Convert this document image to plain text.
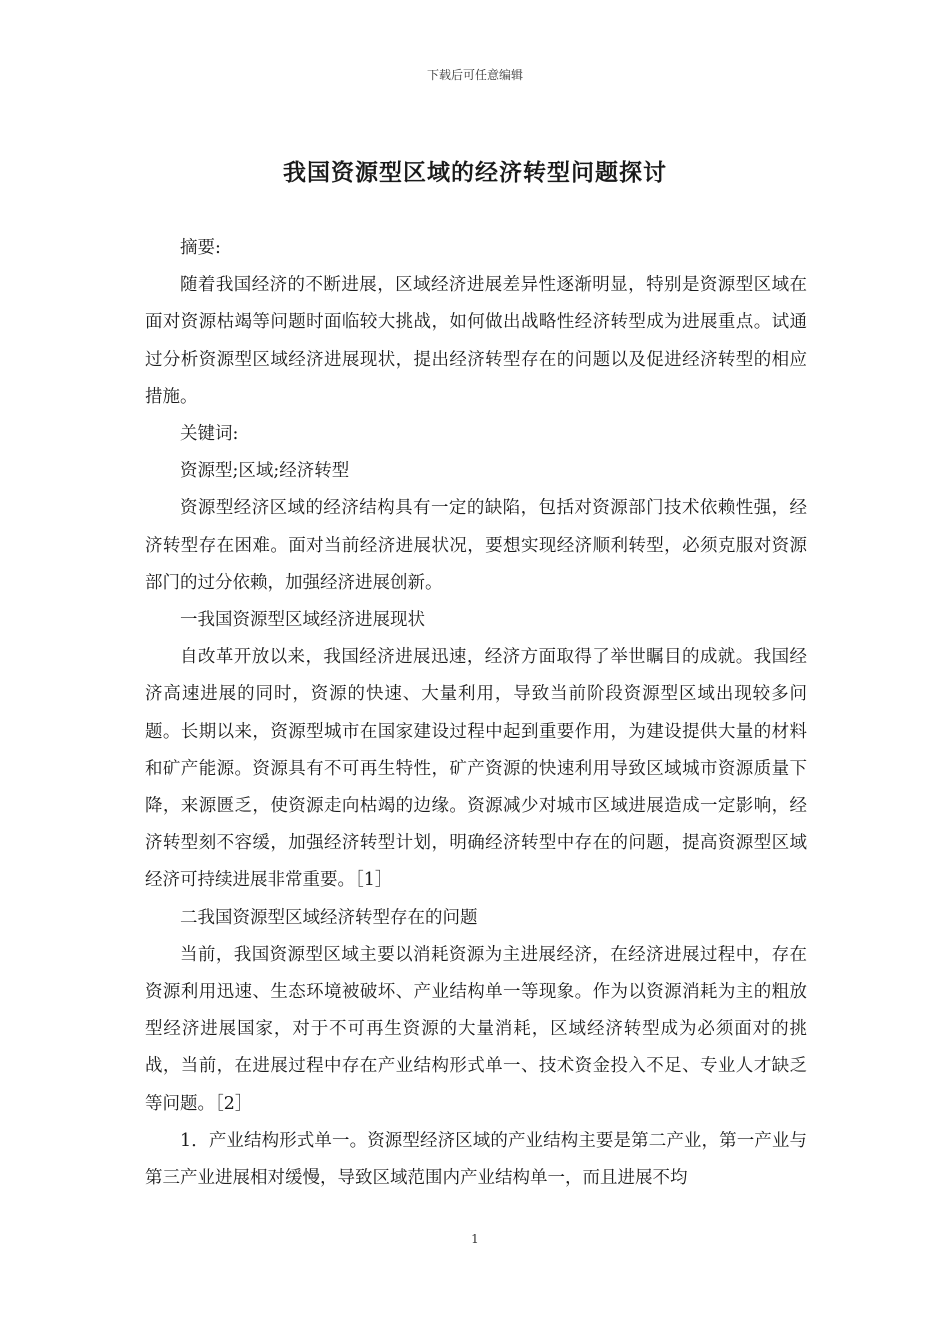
下载后可任意编辑
我国资源型区域的经济转型问题探讨

摘要:

随着我国经济的不断进展，区域经济进展差异性逐渐明显，特别是资源型区域在面对资源枯竭等问题时面临较大挑战，如何做出战略性经济转型成为进展重点。试通过分析资源型区域经济进展现状，提出经济转型存在的问题以及促进经济转型的相应措施。

关键词:

资源型;区域;经济转型

资源型经济区域的经济结构具有一定的缺陷，包括对资源部门技术依赖性强，经济转型存在困难。面对当前经济进展状况，要想实现经济顺利转型，必须克服对资源部门的过分依赖，加强经济进展创新。

一我国资源型区域经济进展现状

自改革开放以来，我国经济进展迅速，经济方面取得了举世瞩目的成就。我国经济高速进展的同时，资源的快速、大量利用，导致当前阶段资源型区域出现较多问题。长期以来，资源型城市在国家建设过程中起到重要作用，为建设提供大量的材料和矿产能源。资源具有不可再生特性，矿产资源的快速利用导致区域城市资源质量下降，来源匮乏，使资源走向枯竭的边缘。资源减少对城市区域进展造成一定影响，经济转型刻不容缓，加强经济转型计划，明确经济转型中存在的问题，提高资源型区域经济可持续进展非常重要。［1］

二我国资源型区域经济转型存在的问题

当前，我国资源型区域主要以消耗资源为主进展经济，在经济进展过程中，存在资源利用迅速、生态环境被破坏、产业结构单一等现象。作为以资源消耗为主的粗放型经济进展国家，对于不可再生资源的大量消耗，区域经济转型成为必须面对的挑战，当前，在进展过程中存在产业结构形式单一、技术资金投入不足、专业人才缺乏等问题。［2］

1．产业结构形式单一。资源型经济区域的产业结构主要是第二产业，第一产业与第三产业进展相对缓慢，导致区域范围内产业结构单一，而且进展不均

1
